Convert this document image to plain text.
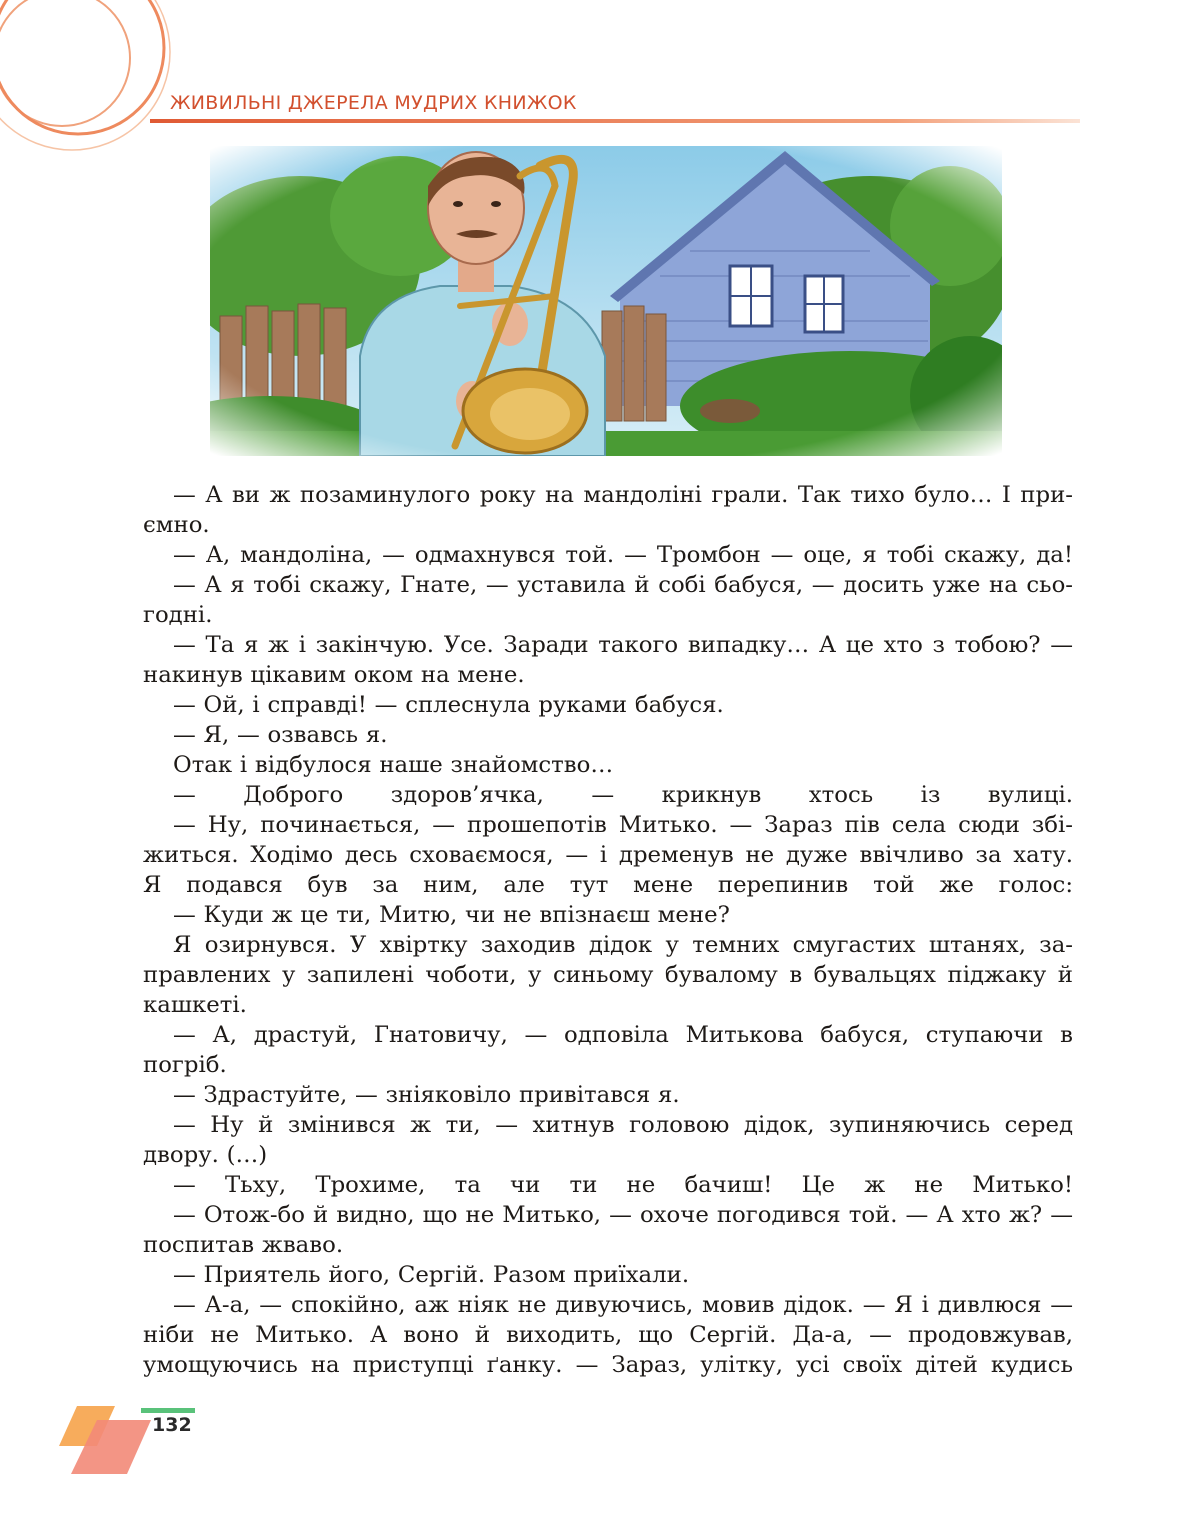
ЖИВИЛЬНІ ДЖЕРЕЛА МУДРИХ КНИЖОК

— А ви ж позаминулого року на мандоліні грали. Так тихо було… І при-

ємно.

— А, мандоліна, — одмахнувся той. — Тромбон — оце, я тобі скажу, да!

— А я тобі скажу, Гнате, — уставила й собі бабуся, — досить уже на сьо-

годні.

— Та я ж і закінчую. Усе. Заради такого випадку… А це хто з тобою? —

накинув цікавим оком на мене.

— Ой, і справді! — сплеснула руками бабуся.

— Я, — озвавсь я.

Отак і відбулося наше знайомство…

— Доброго здоров’ячка, — крикнув хтось із вулиці.

— Ну, починається, — прошепотів Митько. — Зараз пів села сюди збі-

житься. Ходімо десь сховаємося, — і дременув не дуже ввічливо за хату.

Я подався був за ним, але тут мене перепинив той же голос:

— Куди ж це ти, Митю, чи не впізнаєш мене?

Я озирнувся. У хвіртку заходив дідок у темних смугастих штанях, за-

правлених у запилені чоботи, у синьому бувалому в бувальцях піджаку й

кашкеті.

— А, драстуй, Гнатовичу, — одповіла Митькова бабуся, ступаючи в

погріб.

— Здрастуйте, — зніяковіло привітався я.

— Ну й змінився ж ти, — хитнув головою дідок, зупиняючись серед

двору. (…)

— Тьху, Трохиме, та чи ти не бачиш! Це ж не Митько!

— Отож-бо й видно, що не Митько, — охоче погодився той. — А хто ж? —

поспитав жваво.

— Приятель його, Сергій. Разом приїхали.

— А-а, — спокійно, аж ніяк не дивуючись, мовив дідок. — Я і дивлюся —

ніби не Митько. А воно й виходить, що Сергій. Да-а, — продовжував,

умощуючись на приступці ґанку. — Зараз, улітку, усі своїх дітей кудись

132
